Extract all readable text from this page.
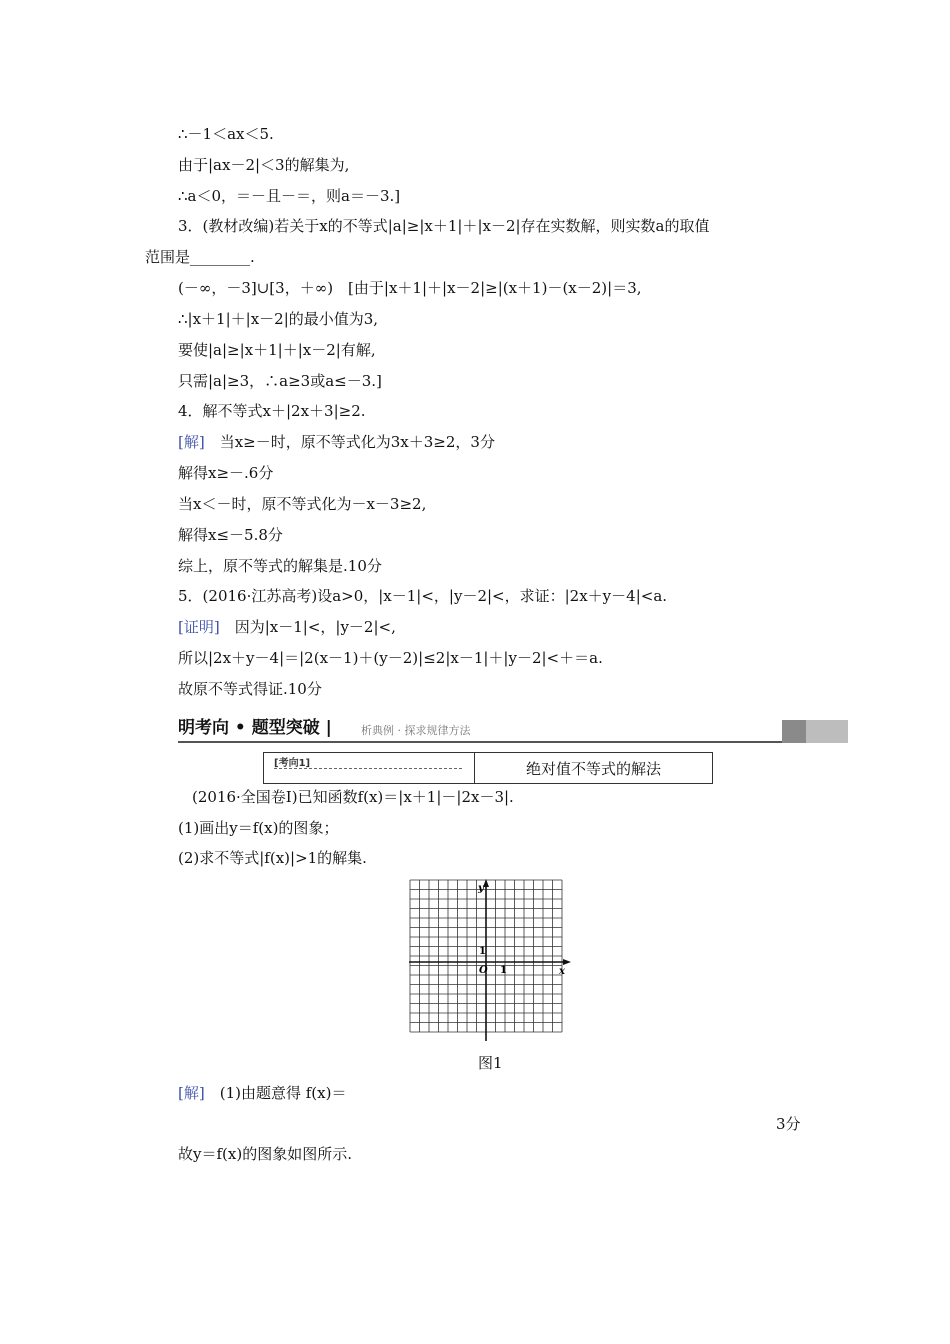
∴－1＜ax＜5.
由于|ax－2|＜3的解集为,
∴a＜0，＝－且－＝，则a＝－3.]
3．(教材改编)若关于x的不等式|a|≥|x＋1|＋|x－2|存在实数解，则实数a的取值
范围是________.
(－∞，－3]∪[3，＋∞)　[由于|x＋1|＋|x－2|≥|(x＋1)－(x－2)|＝3,
∴|x＋1|＋|x－2|的最小值为3,
要使|a|≥|x＋1|＋|x－2|有解,
只需|a|≥3，∴a≥3或a≤－3.]
4．解不等式x＋|2x＋3|≥2.
[解]　当x≥－时，原不等式化为3x＋3≥2，3分
解得x≥－.6分
当x＜－时，原不等式化为－x－3≥2,
解得x≤－5.8分
综上，原不等式的解集是.10分
5．(2016·江苏高考)设a>0，|x－1|<，|y－2|<，求证：|2x＋y－4|<a.
[证明]　因为|x－1|<，|y－2|<,
所以|2x＋y－4|＝|2(x－1)＋(y－2)|≤2|x－1|＋|y－2|<＋＝a.
故原不等式得证.10分
明考向 • 题型突破 |	析典例 · 探求规律方法
[考向1]	绝对值不等式的解法
(2016·全国卷Ⅰ)已知函数f(x)＝|x＋1|－|2x－3|.
(1)画出y＝f(x)的图象；
(2)求不等式|f(x)|>1的解集.
y
x
O 1
1
图1
[解]　(1)由题意得 f(x)＝
3分
故y＝f(x)的图象如图所示.
